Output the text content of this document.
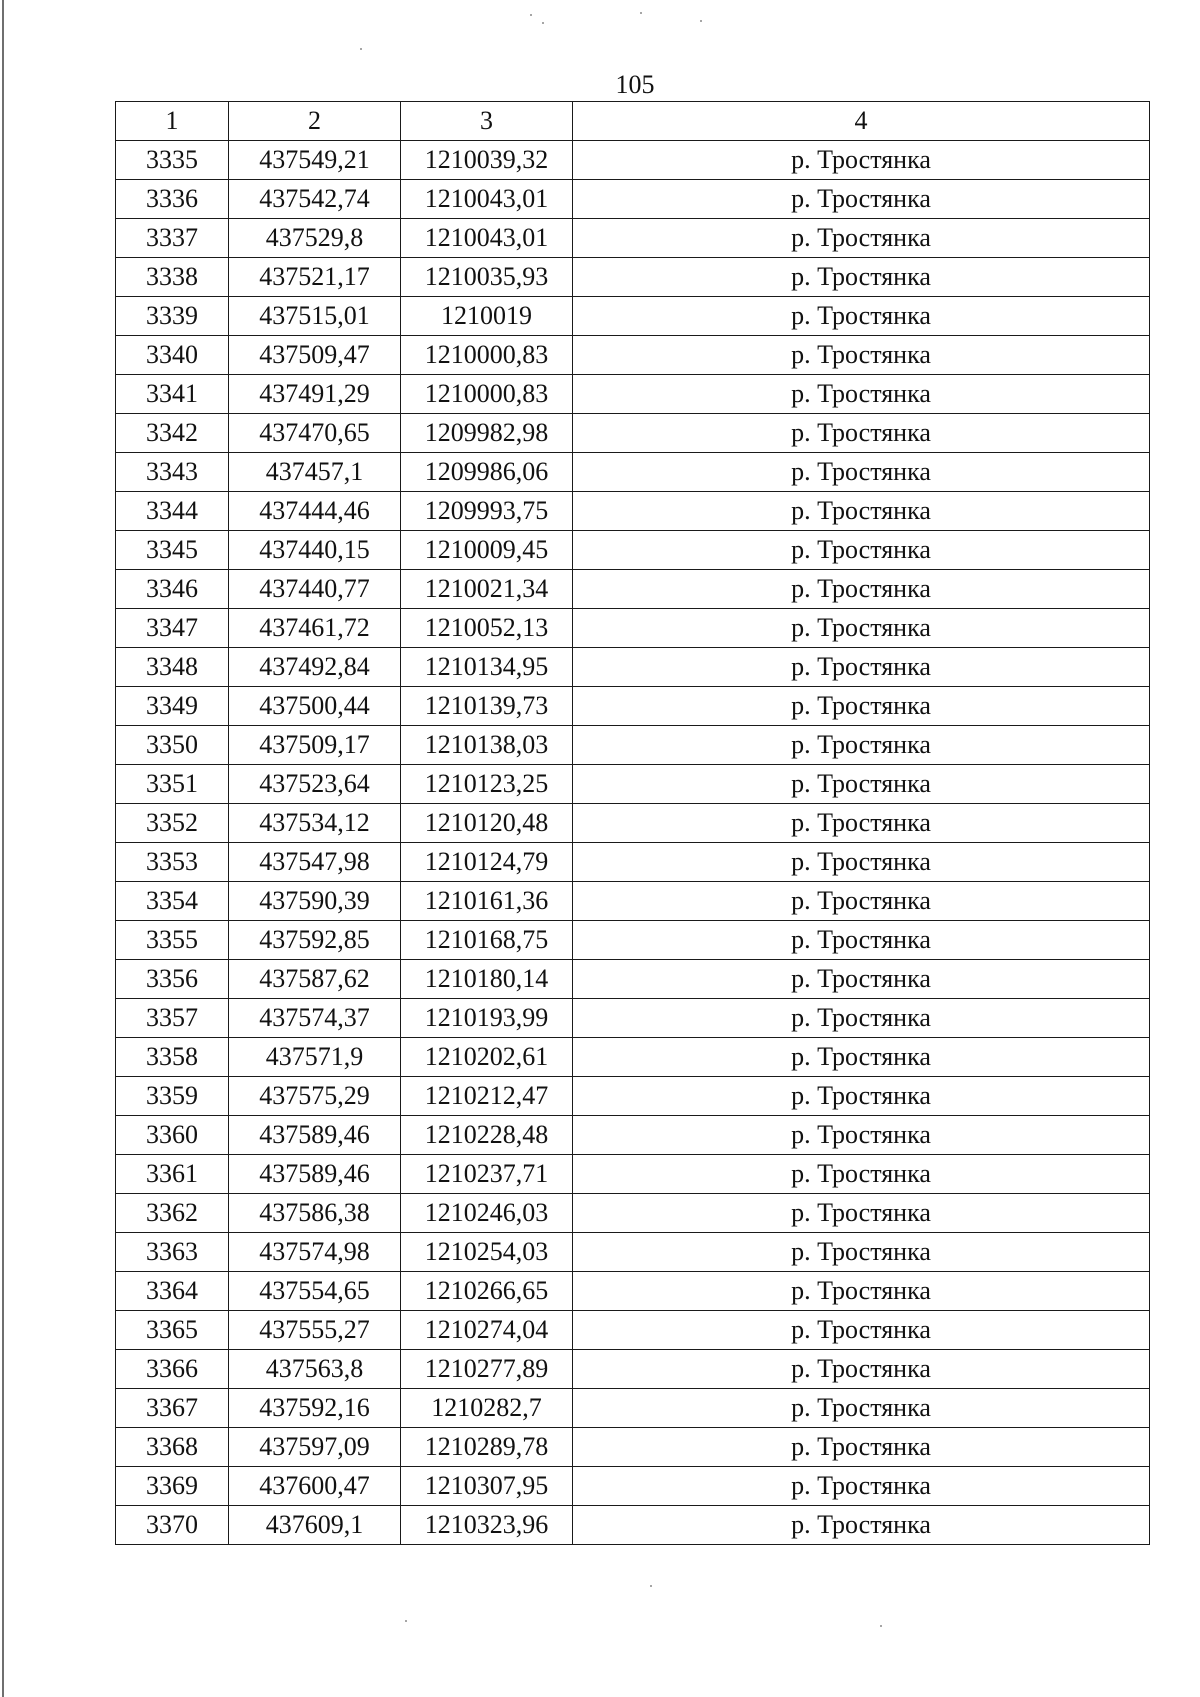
105
1	2	3	4
3335	437549,21	1210039,32	р. Тростянка
3336	437542,74	1210043,01	р. Тростянка
3337	437529,8	1210043,01	р. Тростянка
3338	437521,17	1210035,93	р. Тростянка
3339	437515,01	1210019	р. Тростянка
3340	437509,47	1210000,83	р. Тростянка
3341	437491,29	1210000,83	р. Тростянка
3342	437470,65	1209982,98	р. Тростянка
3343	437457,1	1209986,06	р. Тростянка
3344	437444,46	1209993,75	р. Тростянка
3345	437440,15	1210009,45	р. Тростянка
3346	437440,77	1210021,34	р. Тростянка
3347	437461,72	1210052,13	р. Тростянка
3348	437492,84	1210134,95	р. Тростянка
3349	437500,44	1210139,73	р. Тростянка
3350	437509,17	1210138,03	р. Тростянка
3351	437523,64	1210123,25	р. Тростянка
3352	437534,12	1210120,48	р. Тростянка
3353	437547,98	1210124,79	р. Тростянка
3354	437590,39	1210161,36	р. Тростянка
3355	437592,85	1210168,75	р. Тростянка
3356	437587,62	1210180,14	р. Тростянка
3357	437574,37	1210193,99	р. Тростянка
3358	437571,9	1210202,61	р. Тростянка
3359	437575,29	1210212,47	р. Тростянка
3360	437589,46	1210228,48	р. Тростянка
3361	437589,46	1210237,71	р. Тростянка
3362	437586,38	1210246,03	р. Тростянка
3363	437574,98	1210254,03	р. Тростянка
3364	437554,65	1210266,65	р. Тростянка
3365	437555,27	1210274,04	р. Тростянка
3366	437563,8	1210277,89	р. Тростянка
3367	437592,16	1210282,7	р. Тростянка
3368	437597,09	1210289,78	р. Тростянка
3369	437600,47	1210307,95	р. Тростянка
3370	437609,1	1210323,96	р. Тростянка
